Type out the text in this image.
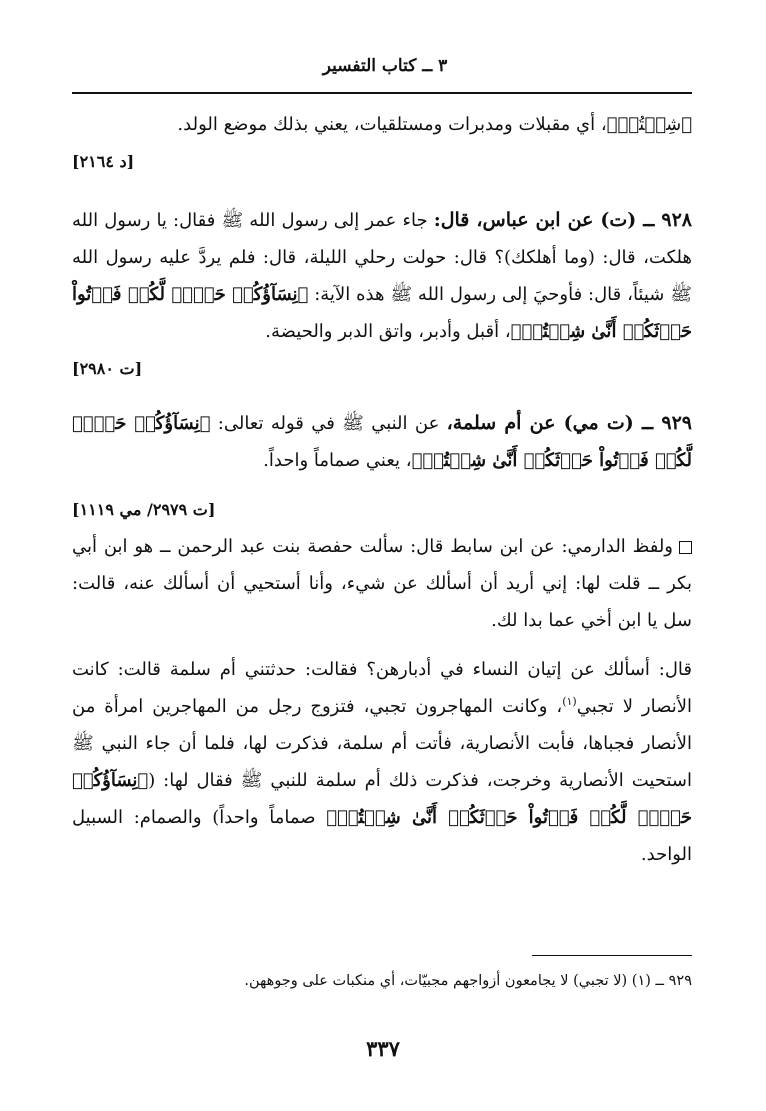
٣ ــ كتاب التفسير

﴿شِئۡتُمۡ﴾، أي مقبلات ومدبرات ومستلقيات، يعني بذلك موضع الولد.

[د ٢١٦٤]

٩٢٨ ــ (ت) عن ابن عباس، قال: جاء عمر إلى رسول الله ﷺ فقال: يا رسول الله هلكت، قال: (وما أهلكك)؟ قال: حولت رحلي الليلة، قال: فلم يردَّ عليه رسول الله ﷺ شيئاً، قال: فأوحيَ إلى رسول الله ﷺ هذه الآية: ﴿نِسَآؤُكُمۡ حَرۡثٞ لَّكُمۡ فَأۡتُواْ حَرۡثَكُمۡ أَنَّىٰ شِئۡتُمۡ﴾، أقبل وأدبر، واتق الدبر والحيضة.

[ت ٢٩٨٠]

٩٢٩ ــ (ت مي) عن أم سلمة، عن النبي ﷺ في قوله تعالى: ﴿نِسَآؤُكُمۡ حَرۡثٞ لَّكُمۡ فَأۡتُواْ حَرۡثَكُمۡ أَنَّىٰ شِئۡتُمۡ﴾، يعني صماماً واحداً.

[ت ٢٩٧٩/ مي ١١١٩]

ولفظ الدارمي: عن ابن سابط قال: سألت حفصة بنت عبد الرحمن ــ هو ابن أبي بكر ــ قلت لها: إني أريد أن أسألك عن شيء، وأنا أستحيي أن أسألك عنه، قالت: سل يا ابن أخي عما بدا لك.

قال: أسألك عن إتيان النساء في أدبارهن؟ فقالت: حدثتني أم سلمة قالت: كانت الأنصار لا تجبي$^{(١)}$، وكانت المهاجرون تجبي، فتزوج رجل من المهاجرين امرأة من الأنصار فجباها، فأبت الأنصارية، فأتت أم سلمة، فذكرت لها، فلما أن جاء النبي ﷺ استحيت الأنصارية وخرجت، فذكرت ذلك أم سلمة للنبي ﷺ فقال لها: (﴿نِسَآؤُكُمۡ حَرۡثٞ لَّكُمۡ فَأۡتُواْ حَرۡثَكُمۡ أَنَّىٰ شِئۡتُمۡ﴾ صماماً واحداً) والصمام: السبيل الواحد.

٩٢٩ ــ (١) (لا تجبي) لا يجامعون أزواجهم مجبيّات، أي منكبات على وجوههن.
٣٣٧
